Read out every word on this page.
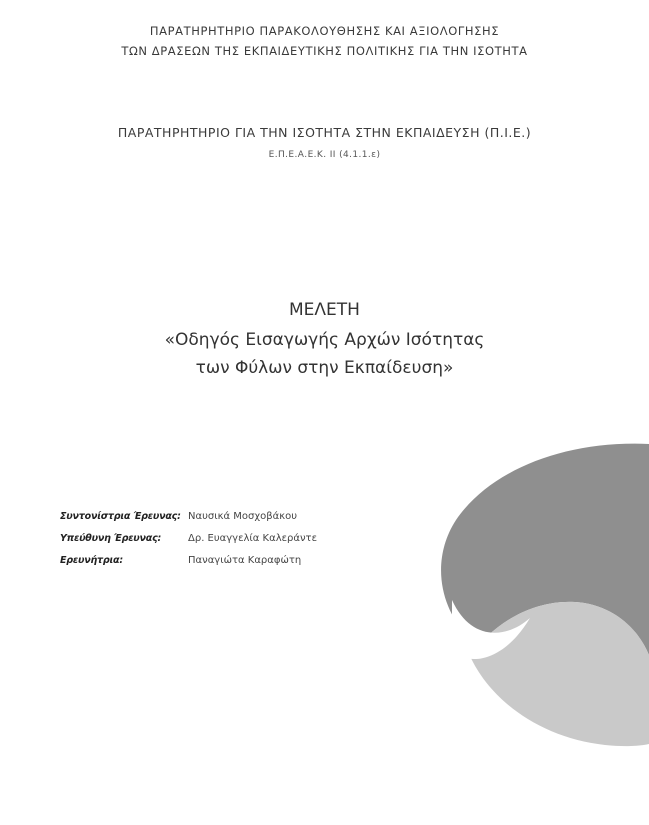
ΠΑΡΑΤΗΡΗΤΗΡΙΟ ΠΑΡΑΚΟΛΟΥΘΗΣΗΣ ΚΑΙ ΑΞΙΟΛΟΓΗΣΗΣ
ΤΩΝ ΔΡΑΣΕΩΝ ΤΗΣ ΕΚΠΑΙΔΕΥΤΙΚΗΣ ΠΟΛΙΤΙΚΗΣ ΓΙΑ ΤΗΝ ΙΣΟΤΗΤΑ
ΠΑΡΑΤΗΡΗΤΗΡΙΟ ΓΙΑ ΤΗΝ ΙΣΟΤΗΤΑ ΣΤΗΝ ΕΚΠΑΙΔΕΥΣΗ (Π.Ι.Ε.)
Ε.Π.Ε.Α.Ε.Κ. ΙΙ (4.1.1.ε)
ΜΕΛΕΤΗ
«Οδηγός Εισαγωγής Αρχών Ισότητας
των Φύλων στην Εκπαίδευση»
Συντονίστρια Έρευνας: Ναυσικά Μοσχοβάκου
Υπεύθυνη Έρευνας:	Δρ. Ευαγγελία Καλεράντε
Ερευνήτρια:	Παναγιώτα Καραφώτη
